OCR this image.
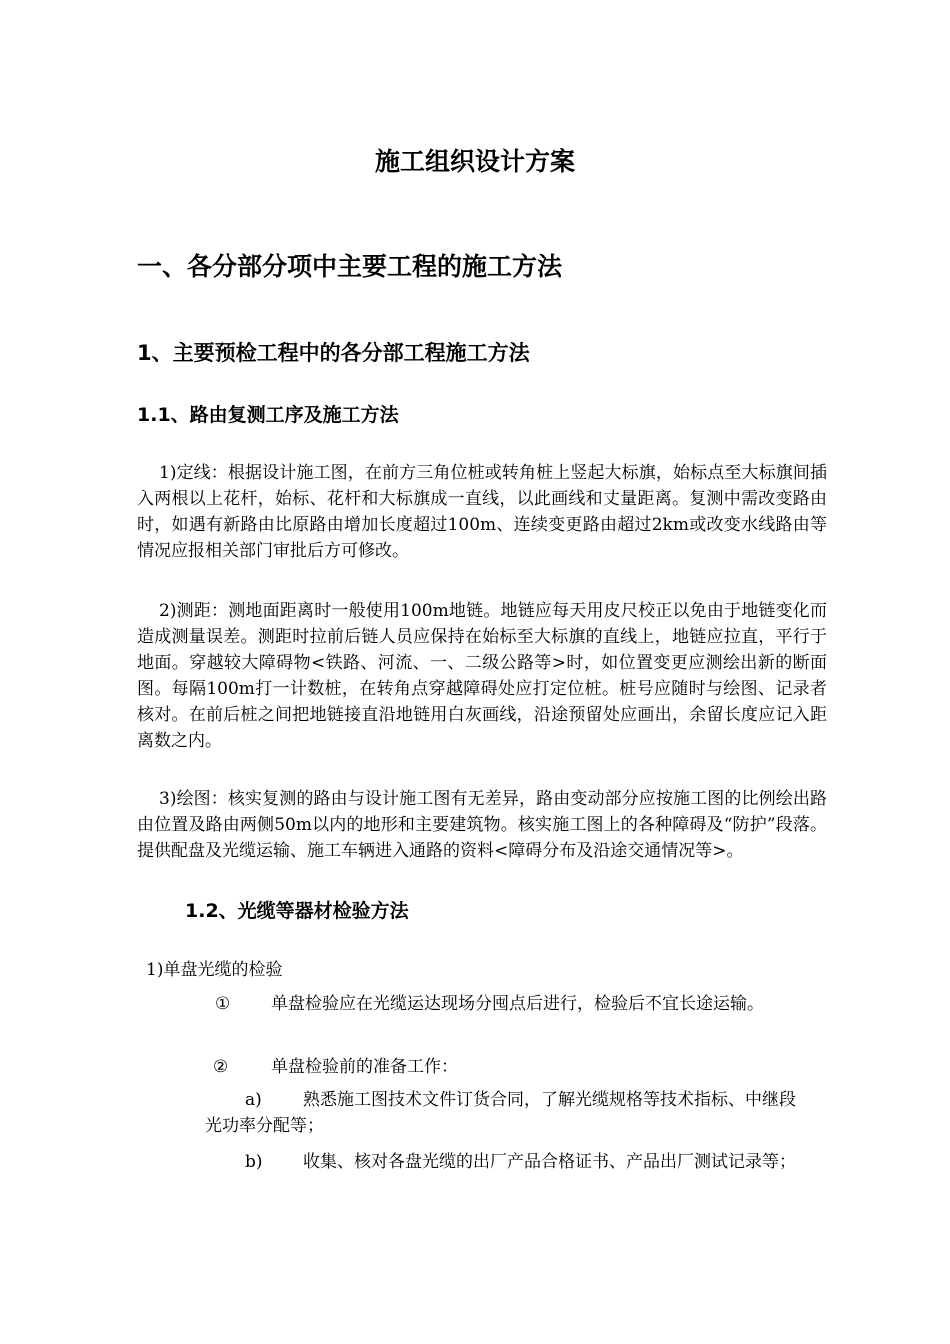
施工组织设计方案
一、各分部分项中主要工程的施工方法
1、主要预检工程中的各分部工程施工方法
1.1、路由复测工序及施工方法

1)定线：根据设计施工图，在前方三角位桩或转角桩上竖起大标旗，始标点至大标旗间插入两根以上花杆，始标、花杆和大标旗成一直线，以此画线和丈量距离。复测中需改变路由时，如遇有新路由比原路由增加长度超过100m、连续变更路由超过2km或改变水线路由等情况应报相关部门审批后方可修改。

2)测距：测地面距离时一般使用100m地链。地链应每天用皮尺校正以免由于地链变化而造成测量误差。测距时拉前后链人员应保持在始标至大标旗的直线上，地链应拉直，平行于地面。穿越较大障碍物<铁路、河流、一、二级公路等>时，如位置变更应测绘出新的断面图。每隔100m打一计数桩，在转角点穿越障碍处应打定位桩。桩号应随时与绘图、记录者核对。在前后桩之间把地链接直沿地链用白灰画线，沿途预留处应画出，余留长度应记入距离数之内。

3)绘图：核实复测的路由与设计施工图有无差异，路由变动部分应按施工图的比例绘出路由位置及路由两侧50m以内的地形和主要建筑物。核实施工图上的各种障碍及“防护”段落。提供配盘及光缆运输、施工车辆进入通路的资料<障碍分布及沿途交通情况等>。

1.2、光缆等器材检验方法

1)单盘光缆的检验

① 单盘检验应在光缆运达现场分囤点后进行，检验后不宜长途运输。

②	单盘检验前的准备工作：

a) 熟悉施工图技术文件订货合同，了解光缆规格等技术指标、中继段光功率分配等；

b) 收集、核对各盘光缆的出厂产品合格证书、产品出厂测试记录等；
